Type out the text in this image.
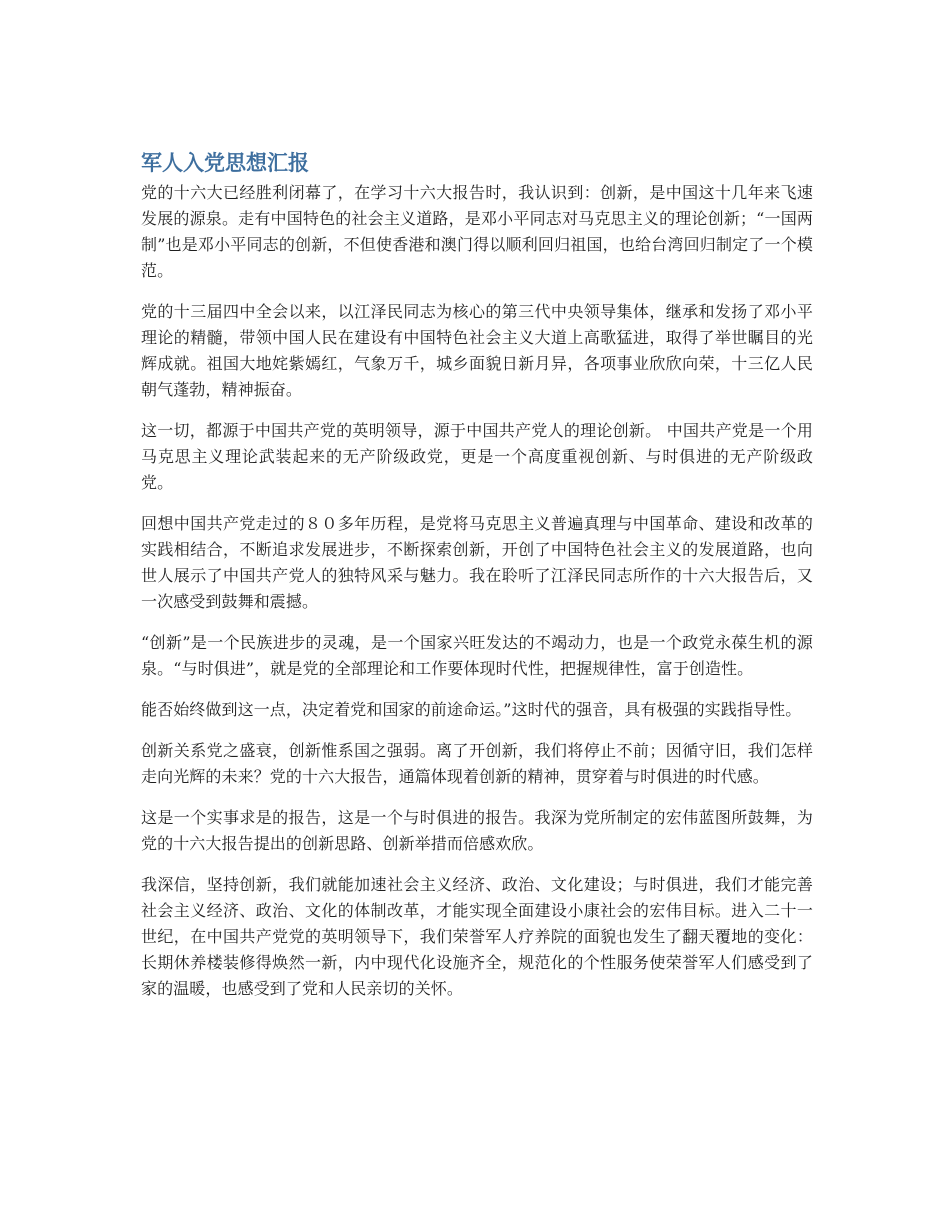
军人入党思想汇报

党的十六大已经胜利闭幕了，在学习十六大报告时，我认识到：创新，是中国这十几年来飞速发展的源泉。走有中国特色的社会主义道路，是邓小平同志对马克思主义的理论创新；“一国两制”也是邓小平同志的创新，不但使香港和澳门得以顺利回归祖国，也给台湾回归制定了一个模范。

党的十三届四中全会以来，以江泽民同志为核心的第三代中央领导集体，继承和发扬了邓小平理论的精髓，带领中国人民在建设有中国特色社会主义大道上高歌猛进，取得了举世瞩目的光辉成就。祖国大地姹紫嫣红，气象万千，城乡面貌日新月异，各项事业欣欣向荣，十三亿人民朝气蓬勃，精神振奋。

这一切，都源于中国共产党的英明领导，源于中国共产党人的理论创新。 中国共产党是一个用马克思主义理论武装起来的无产阶级政党，更是一个高度重视创新、与时俱进的无产阶级政党。

回想中国共产党走过的８０多年历程，是党将马克思主义普遍真理与中国革命、建设和改革的实践相结合，不断追求发展进步，不断探索创新，开创了中国特色社会主义的发展道路，也向世人展示了中国共产党人的独特风采与魅力。我在聆听了江泽民同志所作的十六大报告后，又一次感受到鼓舞和震撼。

“创新”是一个民族进步的灵魂，是一个国家兴旺发达的不竭动力，也是一个政党永葆生机的源泉。“与时俱进”，就是党的全部理论和工作要体现时代性，把握规律性，富于创造性。

能否始终做到这一点，决定着党和国家的前途命运。”这时代的强音，具有极强的实践指导性。

创新关系党之盛衰，创新惟系国之强弱。离了开创新，我们将停止不前；因循守旧，我们怎样走向光辉的未来？党的十六大报告，通篇体现着创新的精神，贯穿着与时俱进的时代感。

这是一个实事求是的报告，这是一个与时俱进的报告。我深为党所制定的宏伟蓝图所鼓舞，为党的十六大报告提出的创新思路、创新举措而倍感欢欣。

我深信，坚持创新，我们就能加速社会主义经济、政治、文化建设；与时俱进，我们才能完善社会主义经济、政治、文化的体制改革，才能实现全面建设小康社会的宏伟目标。进入二十一世纪，在中国共产党党的英明领导下，我们荣誉军人疗养院的面貌也发生了翻天覆地的变化：长期休养楼装修得焕然一新，内中现代化设施齐全，规范化的个性服务使荣誉军人们感受到了家的温暖，也感受到了党和人民亲切的关怀。
